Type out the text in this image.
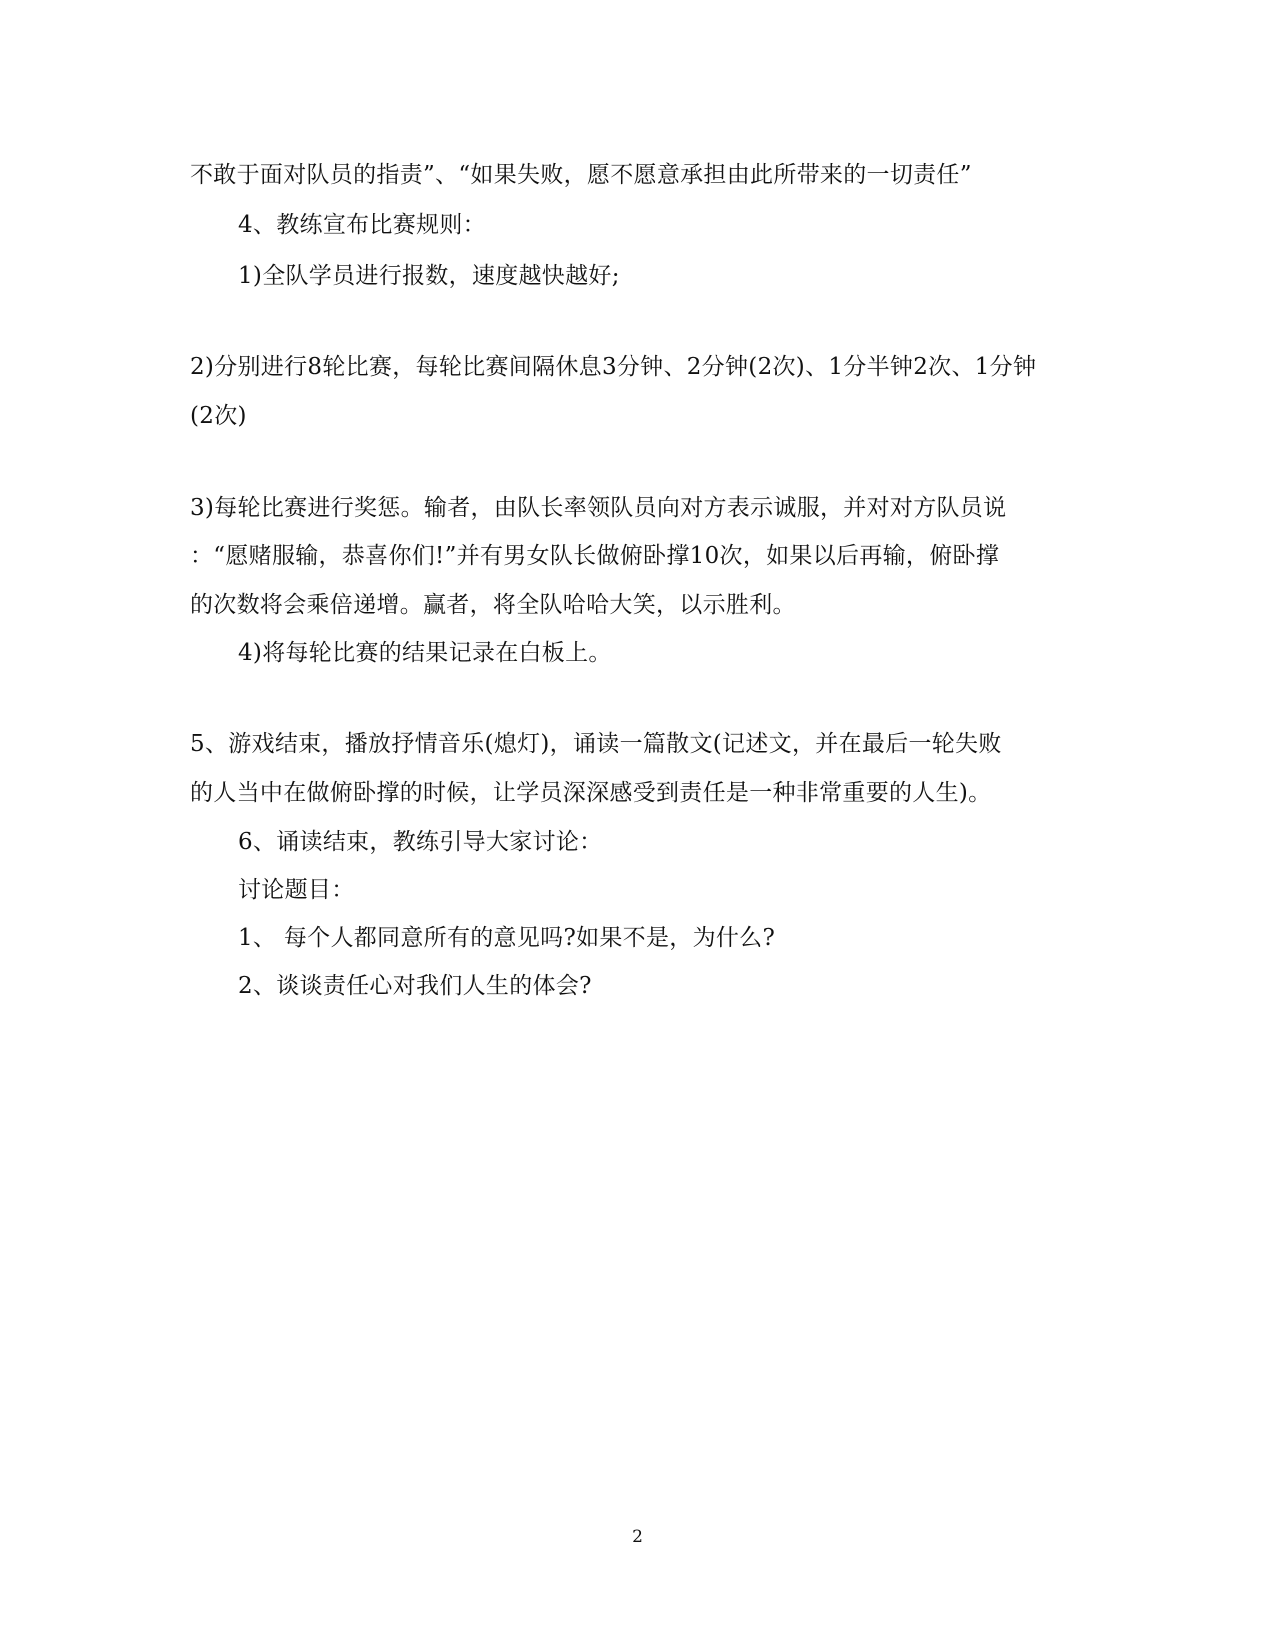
不敢于面对队员的指责”、“如果失败，愿不愿意承担由此所带来的一切责任”
4、教练宣布比赛规则：
1)全队学员进行报数，速度越快越好;
2)分别进行8轮比赛，每轮比赛间隔休息3分钟、2分钟(2次)、1分半钟2次、1分钟
(2次)
3)每轮比赛进行奖惩。输者，由队长率领队员向对方表示诚服，并对对方队员说
：“愿赌服输，恭喜你们!”并有男女队长做俯卧撑10次，如果以后再输，俯卧撑
的次数将会乘倍递增。赢者，将全队哈哈大笑，以示胜利。
4)将每轮比赛的结果记录在白板上。
5、游戏结束，播放抒情音乐(熄灯)，诵读一篇散文(记述文，并在最后一轮失败
的人当中在做俯卧撑的时候，让学员深深感受到责任是一种非常重要的人生)。
6、诵读结束，教练引导大家讨论：
讨论题目：
1、 每个人都同意所有的意见吗?如果不是，为什么?
2、谈谈责任心对我们人生的体会?
2
